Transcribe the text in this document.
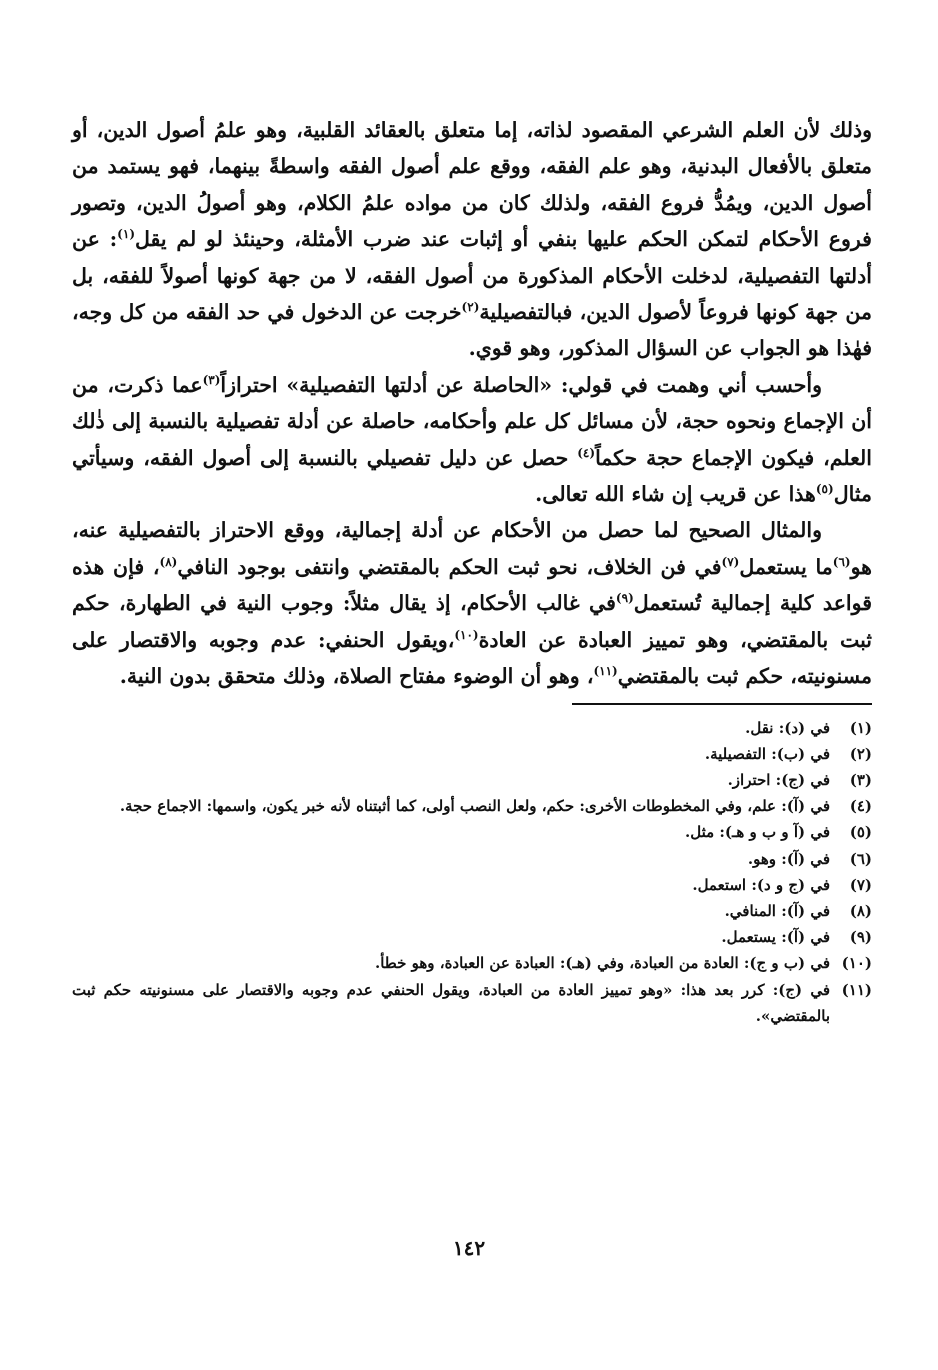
وذلك لأن العلم الشرعي المقصود لذاته، إما متعلق بالعقائد القلبية، وهو علمُ أصول الدين، أو متعلق بالأفعال البدنية، وهو علم الفقه، ووقع علم أصول الفقه واسطةً بينهما، فهو يستمد من أصول الدين، ويمُدُّ فروع الفقه، ولذلك كان من مواده علمُ الكلام، وهو أصولُ الدين، وتصور فروع الأحكام لتمكن الحكم عليها بنفي أو إثبات عند ضرب الأمثلة، وحينئذ لو لم يقل$^{(١)}$: عن أدلتها التفصيلية، لدخلت الأحكام المذكورة من أصول الفقه، لا من جهة كونها أصولاً للفقه، بل من جهة كونها فروعاً لأصول الدين، فبالتفصيلية$^{(٢)}$خرجت عن الدخول في حد الفقه من كل وجه، فهٰذا هو الجواب عن السؤال المذكور، وهو قوي.

وأحسب أني وهمت في قولي: «الحاصلة عن أدلتها التفصيلية» احترازاً$^{(٣)}$عما ذكرت، من أن الإجماع ونحوه حجة، لأن مسائل كل علم وأحكامه، حاصلة عن أدلة تفصيلية بالنسبة إلى ذٰلك العلم، فيكون الإجماع حجة حكماً$^{(٤)}$ حصل عن دليل تفصيلي بالنسبة إلى أصول الفقه، وسيأتي مثال$^{(٥)}$هذا عن قريب إن شاء الله تعالى.

والمثال الصحيح لما حصل من الأحكام عن أدلة إجمالية، ووقع الاحتراز بالتفصيلية عنه، هو$^{(٦)}$ما يستعمل$^{(٧)}$في فن الخلاف، نحو ثبت الحكم بالمقتضي وانتفى بوجود النافي$^{(٨)}$، فإن هذه قواعد كلية إجمالية تُستعمل$^{(٩)}$في غالب الأحكام، إذ يقال مثلاً: وجوب النية في الطهارة، حكم ثبت بالمقتضي، وهو تمييز العبادة عن العادة$^{(١٠)}$،ويقول الحنفي: عدم وجوبه والاقتصار على مسنونيته، حكم ثبت بالمقتضي$^{(١١)}$، وهو أن الوضوء مفتاح الصلاة، وذلك متحقق بدون النية.

(١)في (د): نقل.

(٢)في (ب): التفصيلية.

(٣)في (ج): احتراز.

(٤)في (آ): علم، وفي المخطوطات الأخرى: حكم، ولعل النصب أولى، كما أثبتناه لأنه خبر يكون، واسمها: الاجماع حجة.

(٥)في (آ و ب و هـ): مثل.

(٦)في (آ): وهو.

(٧)في (ج و د): استعمل.

(٨)في (آ): المنافي.

(٩)في (آ): يستعمل.

(١٠)في (ب و ج): العادة من العبادة، وفي (هـ): العبادة عن العبادة، وهو خطأ.

(١١)في (ج): كرر بعد هذا: «وهو تمييز العادة من العبادة، ويقول الحنفي عدم وجوبه والاقتصار على مسنونيته حكم ثبت بالمقتضي».

١٤٢
